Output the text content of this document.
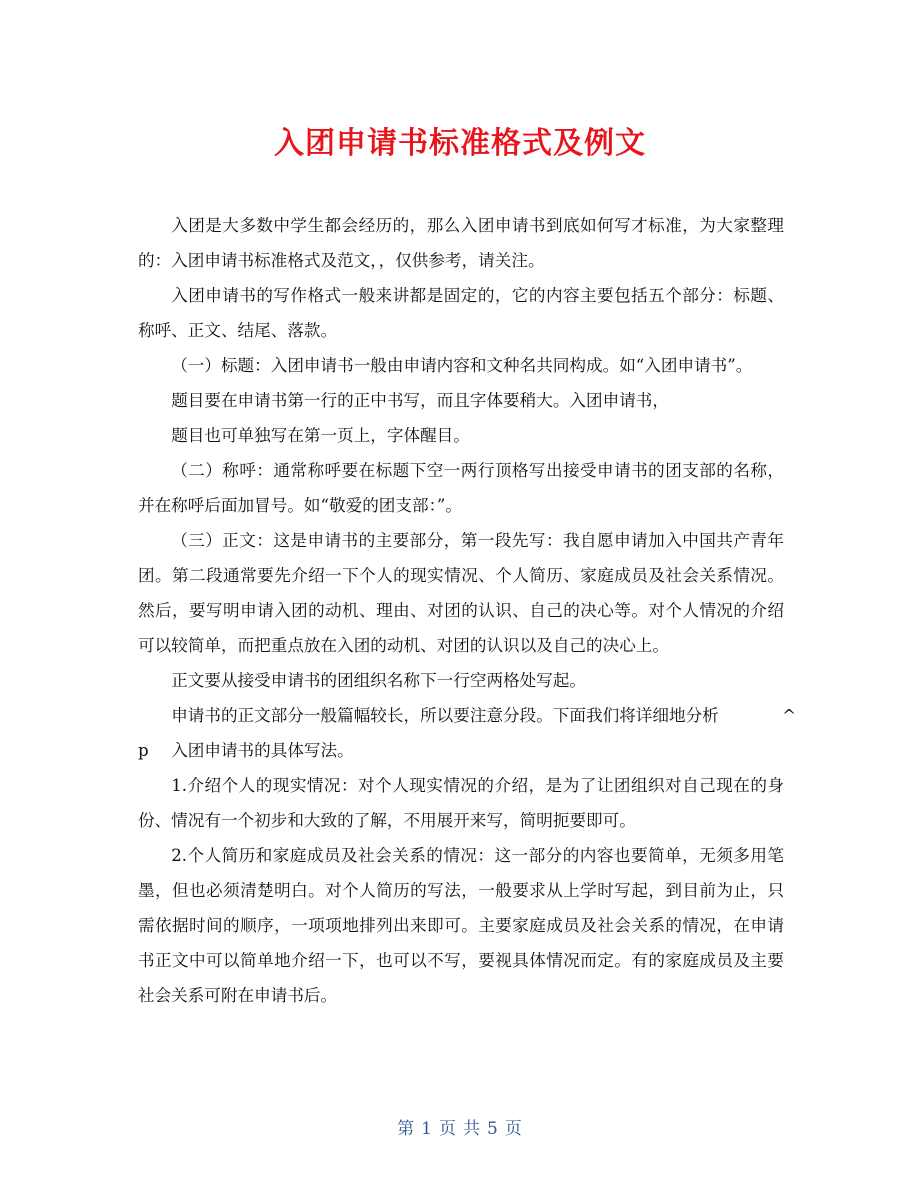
入团申请书标准格式及例文

入团是大多数中学生都会经历的，那么入团申请书到底如何写才标准，为大家整理的：入团申请书标准格式及范文，，仅供参考，请关注。

入团申请书的写作格式一般来讲都是固定的，它的内容主要包括五个部分：标题、称呼、正文、结尾、落款。

（一）标题：入团申请书一般由申请内容和文种名共同构成。如“入团申请书”。

题目要在申请书第一行的正中书写，而且字体要稍大。入团申请书，

题目也可单独写在第一页上，字体醒目。

（二）称呼：通常称呼要在标题下空一两行顶格写出接受申请书的团支部的名称，并在称呼后面加冒号。如“敬爱的团支部：”。

（三）正文：这是申请书的主要部分，第一段先写：我自愿申请加入中国共产青年团。第二段通常要先介绍一下个人的现实情况、个人简历、家庭成员及社会关系情况。然后，要写明申请入团的动机、理由、对团的认识、自己的决心等。对个人情况的介绍可以较简单，而把重点放在入团的动机、对团的认识以及自己的决心上。

正文要从接受申请书的团组织名称下一行空两格处写起。

申请书的正文部分一般篇幅较长，所以要注意分段。下面我们将详细地分析	^

p	入团申请书的具体写法。

1.介绍个人的现实情况：对个人现实情况的介绍，是为了让团组织对自己现在的身份、情况有一个初步和大致的了解，不用展开来写，简明扼要即可。

2.个人简历和家庭成员及社会关系的情况：这一部分的内容也要简单，无须多用笔墨，但也必须清楚明白。对个人简历的写法，一般要求从上学时写起，到目前为止，只需依据时间的顺序，一项项地排列出来即可。主要家庭成员及社会关系的情况，在申请书正文中可以简单地介绍一下，也可以不写，要视具体情况而定。有的家庭成员及主要社会关系可附在申请书后。

第 1 页 共 5 页
